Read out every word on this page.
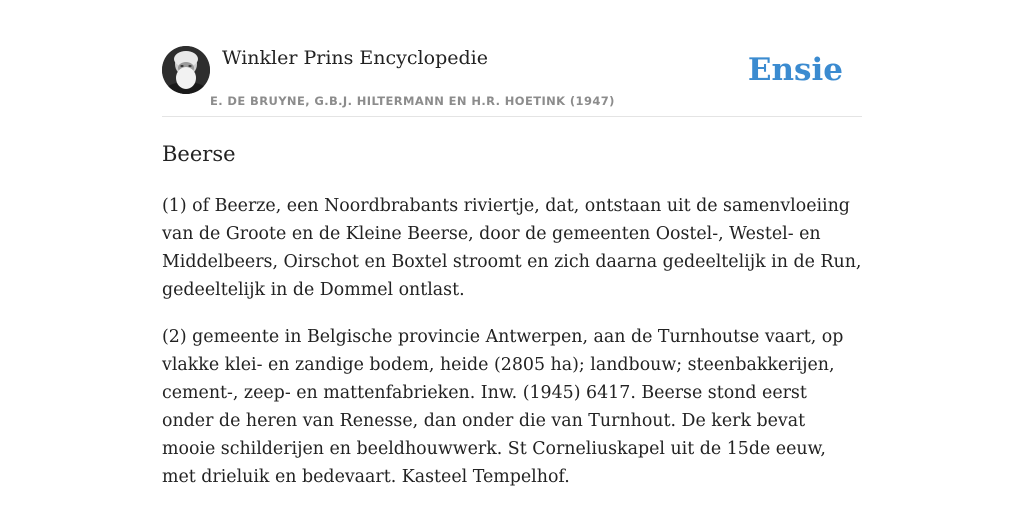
Winkler Prins Encyclopedie
E. DE BRUYNE, G.B.J. HILTERMANN EN H.R. HOETINK (1947)
Ensie
Beerse

(1) of Beerze, een Noordbrabants riviertje, dat, ontstaan uit de samenvloeiing van de Groote en de Kleine Beerse, door de gemeenten Oostel-, Westel- en Middelbeers, Oirschot en Boxtel stroomt en zich daarna gedeeltelijk in de Run, gedeeltelijk in de Dommel ontlast.

(2) gemeente in Belgische provincie Antwerpen, aan de Turnhoutse vaart, op vlakke klei- en zandige bodem, heide (2805 ha); landbouw; steenbakkerijen, cement-, zeep- en mattenfabrieken. Inw. (1945) 6417. Beerse stond eerst onder de heren van Renesse, dan onder die van Turnhout. De kerk bevat mooie schilderijen en beeldhouwwerk. St Corneliuskapel uit de 15de eeuw, met drieluik en bedevaart. Kasteel Tempelhof.
